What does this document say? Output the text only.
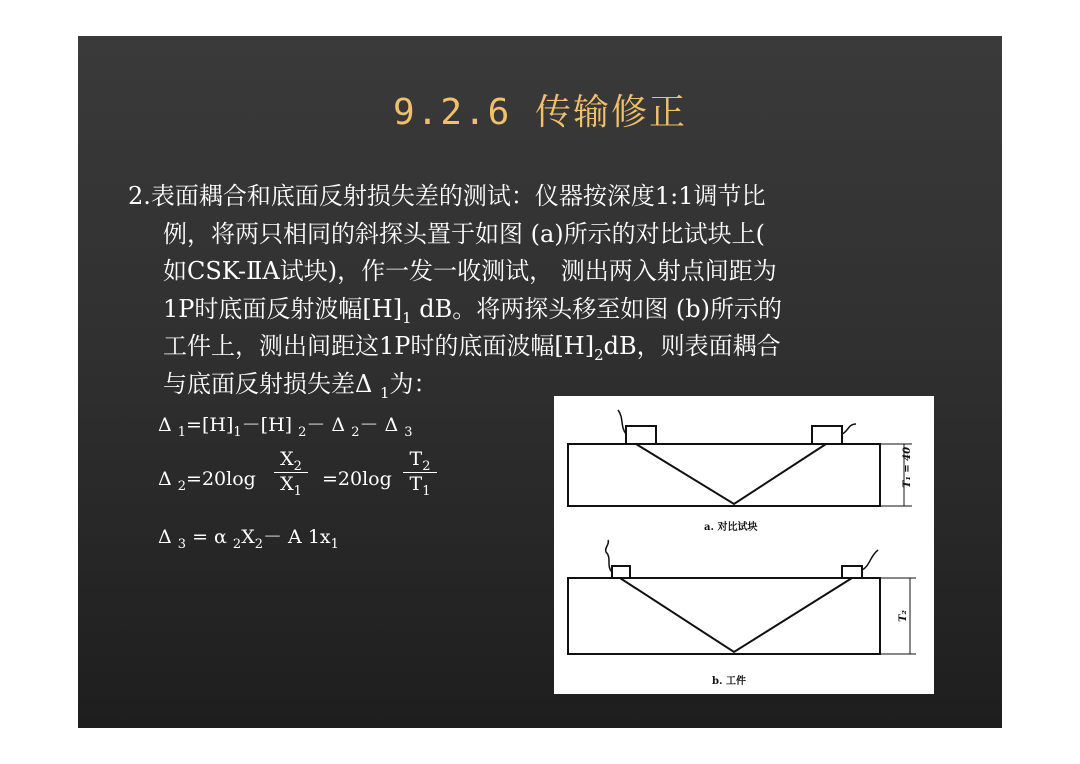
9.2.6 传输修正
2.表面耦合和底面反射损失差的测试：仪器按深度1:1调节比
例，将两只相同的斜探头置于如图 (a)所示的对比试块上(
如CSK-ⅡA试块)，作一发一收测试， 测出两入射点间距为
1P时底面反射波幅$[H]_1$ dB。将两探头移至如图 (b)所示的
工件上，测出间距这1P时的底面波幅$[H]_2dB$，则表面耦合
与底面反射损失差Δ $_1$为：
Δ $_1=[H]_1-[H]$ $_2$－ Δ $_2$－ Δ $_3$
Δ $_2=20\log \frac{X_2}{X_1} =20\log \frac{T_2}{T_1}$
Δ $_3$ = α $_2X_2- A$ $1x_1$
T₁ = 40
T₂
a. 对比试块
b. 工件
